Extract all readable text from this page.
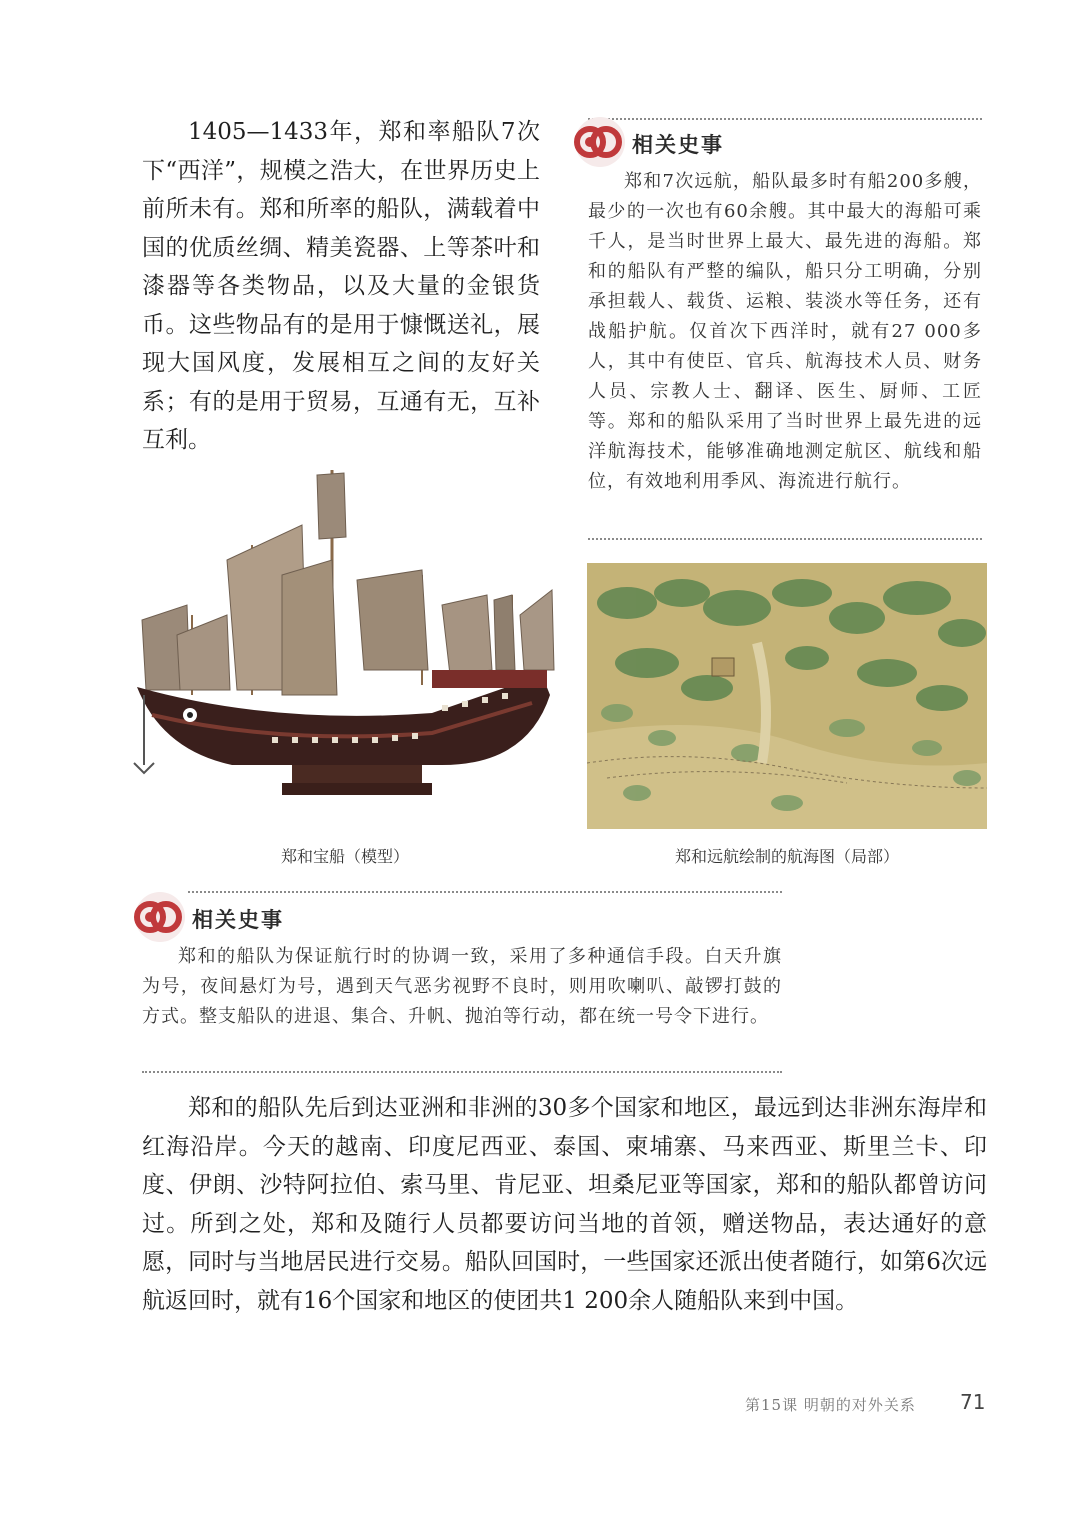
1405—1433年，郑和率船队7次下“西洋”，规模之浩大，在世界历史上前所未有。郑和所率的船队，满载着中国的优质丝绸、精美瓷器、上等茶叶和漆器等各类物品，以及大量的金银货币。这些物品有的是用于慷慨送礼，展现大国风度，发展相互之间的友好关系；有的是用于贸易，互通有无，互补互利。

相关史事

郑和7次远航，船队最多时有船200多艘，最少的一次也有60余艘。其中最大的海船可乘千人，是当时世界上最大、最先进的海船。郑和的船队有严整的编队，船只分工明确，分别承担载人、载货、运粮、装淡水等任务，还有战船护航。仅首次下西洋时，就有27 000多人，其中有使臣、官兵、航海技术人员、财务人员、宗教人士、翻译、医生、厨师、工匠等。郑和的船队采用了当时世界上最先进的远洋航海技术，能够准确地测定航区、航线和船位，有效地利用季风、海流进行航行。

郑和宝船（模型）	郑和远航绘制的航海图（局部）
相关史事

郑和的船队为保证航行时的协调一致，采用了多种通信手段。白天升旗为号，夜间悬灯为号，遇到天气恶劣视野不良时，则用吹喇叭、敲锣打鼓的方式。整支船队的进退、集合、升帆、抛泊等行动，都在统一号令下进行。

郑和的船队先后到达亚洲和非洲的30多个国家和地区，最远到达非洲东海岸和红海沿岸。今天的越南、印度尼西亚、泰国、柬埔寨、马来西亚、斯里兰卡、印度、伊朗、沙特阿拉伯、索马里、肯尼亚、坦桑尼亚等国家，郑和的船队都曾访问过。所到之处，郑和及随行人员都要访问当地的首领，赠送物品，表达通好的意愿，同时与当地居民进行交易。船队回国时，一些国家还派出使者随行，如第6次远航返回时，就有16个国家和地区的使团共1 200余人随船队来到中国。

第15课 明朝的对外关系 71
